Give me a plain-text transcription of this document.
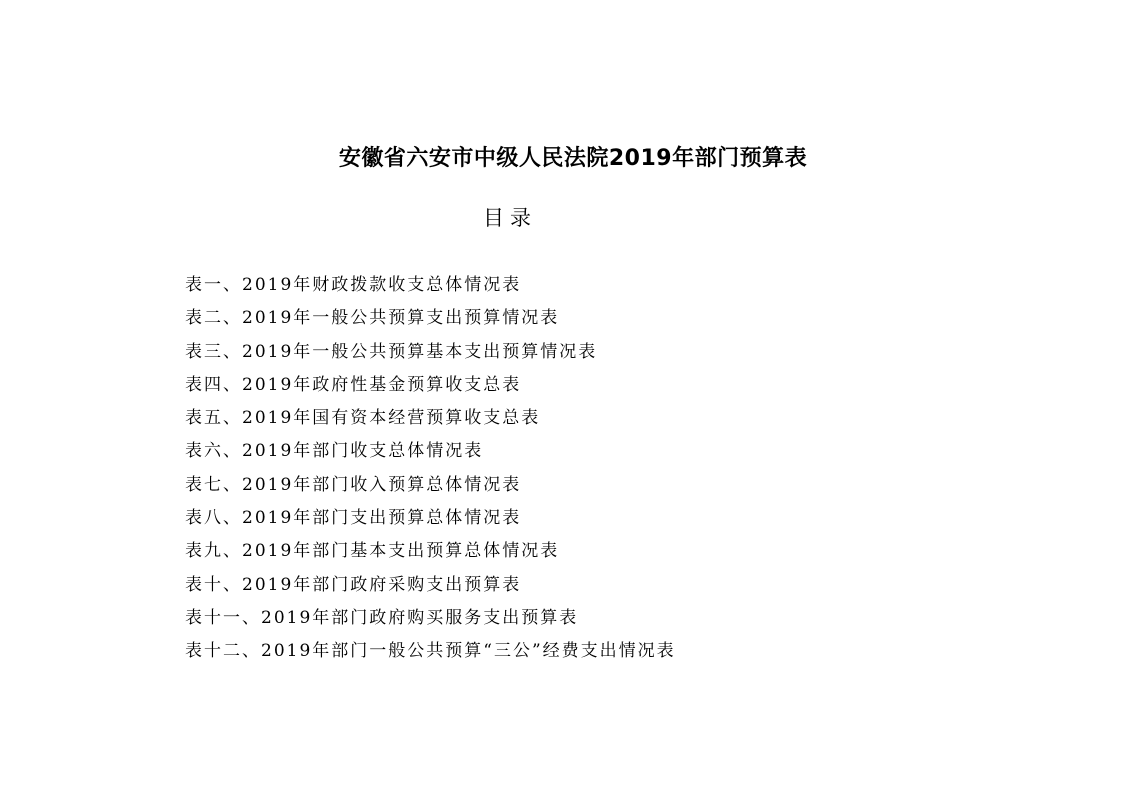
安徽省六安市中级人民法院2019年部门预算表
目录
表一、2019年财政拨款收支总体情况表
表二、2019年一般公共预算支出预算情况表
表三、2019年一般公共预算基本支出预算情况表
表四、2019年政府性基金预算收支总表
表五、2019年国有资本经营预算收支总表
表六、2019年部门收支总体情况表
表七、2019年部门收入预算总体情况表
表八、2019年部门支出预算总体情况表
表九、2019年部门基本支出预算总体情况表
表十、2019年部门政府采购支出预算表
表十一、2019年部门政府购买服务支出预算表
表十二、2019年部门一般公共预算“三公”经费支出情况表
